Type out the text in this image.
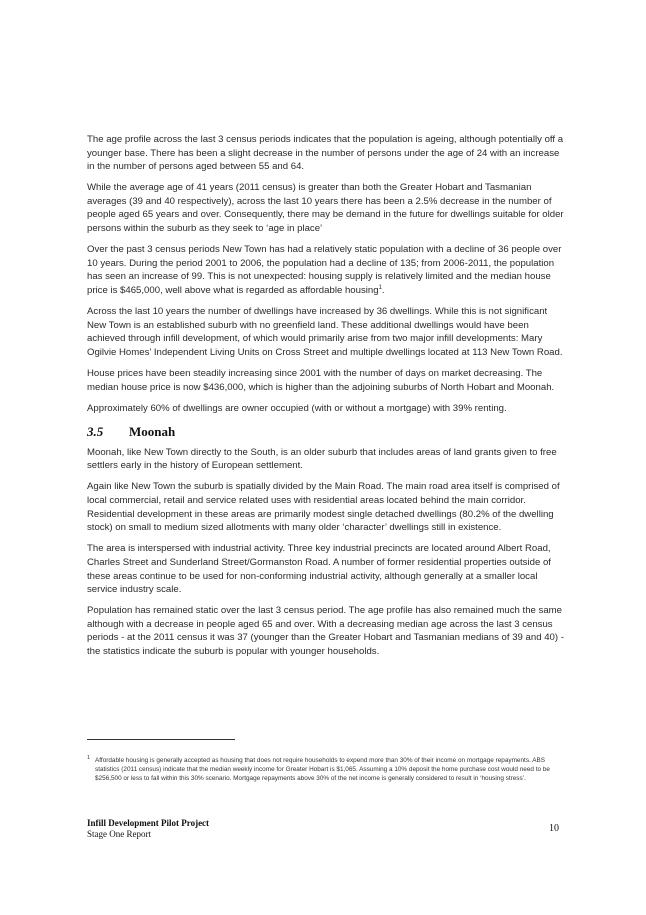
The age profile across the last 3 census periods indicates that the population is ageing, although potentially off a younger base. There has been a slight decrease in the number of persons under the age of 24 with an increase in the number of persons aged between 55 and 64.

While the average age of 41 years (2011 census) is greater than both the Greater Hobart and Tasmanian averages (39 and 40 respectively), across the last 10 years there has been a 2.5% decrease in the number of people aged 65 years and over. Consequently, there may be demand in the future for dwellings suitable for older persons within the suburb as they seek to ‘age in place’

Over the past 3 census periods New Town has had a relatively static population with a decline of 36 people over 10 years. During the period 2001 to 2006, the population had a decline of 135; from 2006-2011, the population has seen an increase of 99. This is not unexpected: housing supply is relatively limited and the median house price is $465,000, well above what is regarded as affordable housing$^1$.

Across the last 10 years the number of dwellings have increased by 36 dwellings. While this is not significant New Town is an established suburb with no greenfield land. These additional dwellings would have been achieved through infill development, of which would primarily arise from two major infill developments: Mary Ogilvie Homes’ Independent Living Units on Cross Street and multiple dwellings located at 113 New Town Road.

House prices have been steadily increasing since 2001 with the number of days on market decreasing. The median house price is now $436,000, which is higher than the adjoining suburbs of North Hobart and Moonah.

Approximately 60% of dwellings are owner occupied (with or without a mortgage) with 39% renting.

3.5	Moonah

Moonah, like New Town directly to the South, is an older suburb that includes areas of land grants given to free settlers early in the history of European settlement.

Again like New Town the suburb is spatially divided by the Main Road. The main road area itself is comprised of local commercial, retail and service related uses with residential areas located behind the main corridor. Residential development in these areas are primarily modest single detached dwellings (80.2% of the dwelling stock) on small to medium sized allotments with many older ‘character’ dwellings still in existence.

The area is interspersed with industrial activity. Three key industrial precincts are located around Albert Road, Charles Street and Sunderland Street/Gormanston Road. A number of former residential properties outside of these areas continue to be used for non-conforming industrial activity, although generally at a smaller local service industry scale.

Population has remained static over the last 3 census period. The age profile has also remained much the same although with a decrease in people aged 65 and over. With a decreasing median age across the last 3 census periods - at the 2011 census it was 37 (younger than the Greater Hobart and Tasmanian medians of 39 and 40) - the statistics indicate the suburb is popular with younger households.

1 Affordable housing is generally accepted as housing that does not require households to expend more than 30% of their income on mortgage repayments. ABS statistics (2011 census) indicate that the median weekly income for Greater Hobart is $1,065. Assuming a 10% deposit the home purchase cost would need to be $256,500 or less to fall within this 30% scenario. Mortgage repayments above 30% of the net income is generally considered to result in ‘housing stress’.
Infill Development Pilot Project
Stage One Report	10
